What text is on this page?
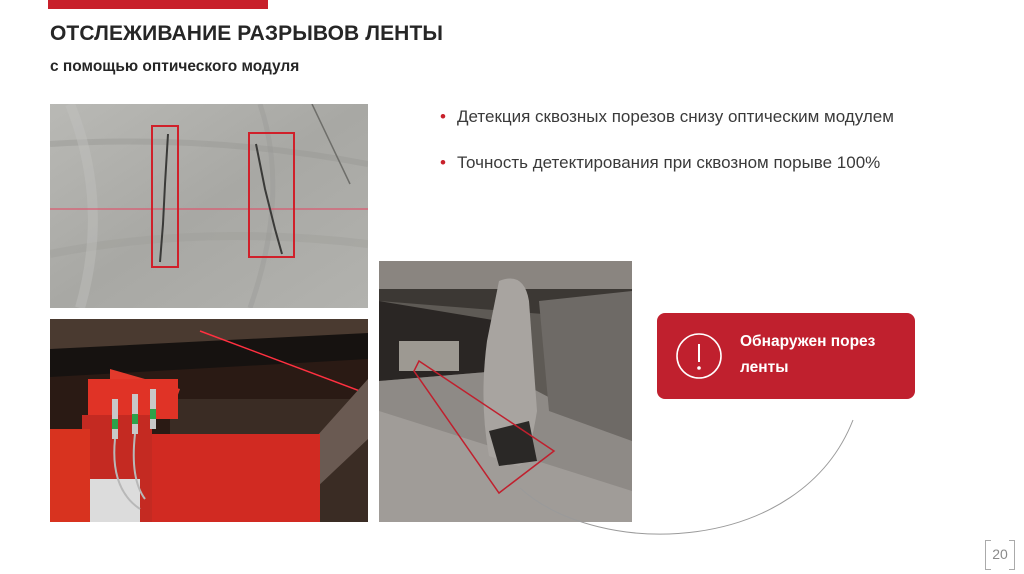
ОТСЛЕЖИВАНИЕ РАЗРЫВОВ ЛЕНТЫ
с помощью оптического модуля
• Детекция сквозных порезов снизу оптическим модулем
• Точность детектирования при сквозном порыве 100%
Обнаружен порез ленты
20
